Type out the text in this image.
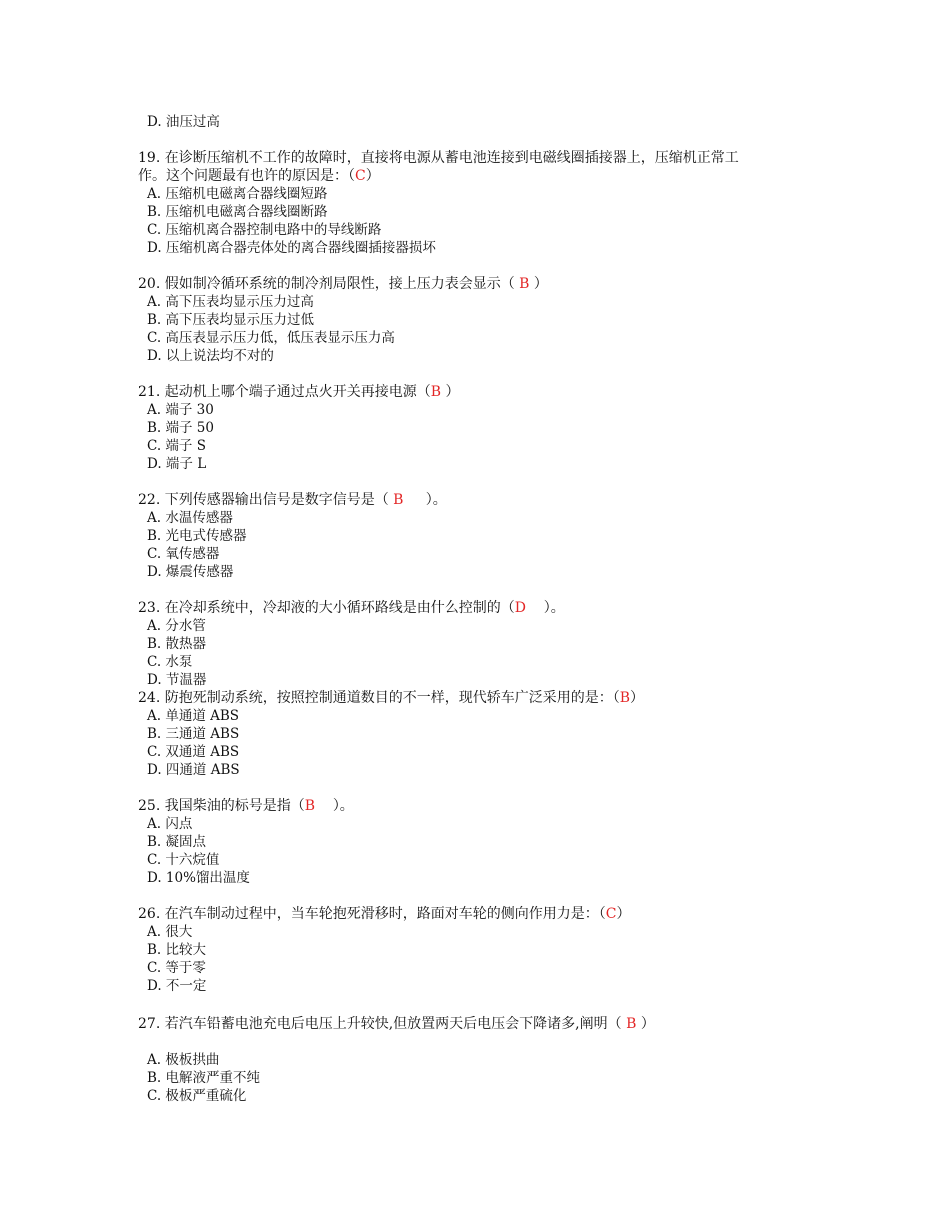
D. 油压过高
19. 在诊断压缩机不工作的故障时，直接将电源从蓄电池连接到电磁线圈插接器上，压缩机正常工
作。这个问题最有也许的原因是：（C）
A. 压缩机电磁离合器线圈短路
B. 压缩机电磁离合器线圈断路
C. 压缩机离合器控制电路中的导线断路
D. 压缩机离合器壳体处的离合器线圈插接器损坏
20. 假如制冷循环系统的制冷剂局限性，接上压力表会显示（ B ）
A. 高下压表均显示压力过高
B. 高下压表均显示压力过低
C. 高压表显示压力低，低压表显示压力高
D. 以上说法均不对的
21. 起动机上哪个端子通过点火开关再接电源（B ）
A. 端子 30
B. 端子 50
C. 端子 S
D. 端子 L
22. 下列传感器输出信号是数字信号是（ B     ）。
A. 水温传感器
B. 光电式传感器
C. 氧传感器
D. 爆震传感器
23. 在冷却系统中，冷却液的大小循环路线是由什么控制的（D    ）。
A. 分水管
B. 散热器
C. 水泵
D. 节温器
24. 防抱死制动系统，按照控制通道数目的不一样，现代轿车广泛采用的是：（B）
A. 单通道 ABS
B. 三通道 ABS
C. 双通道 ABS
D. 四通道 ABS
25. 我国柴油的标号是指（B    ）。
A. 闪点
B. 凝固点
C. 十六烷值
D. 10%馏出温度
26. 在汽车制动过程中，当车轮抱死滑移时，路面对车轮的侧向作用力是：（C）
A. 很大
B. 比较大
C. 等于零
D. 不一定
27. 若汽车铅蓄电池充电后电压上升较快,但放置两天后电压会下降诸多,阐明（ B ）
A. 极板拱曲
B. 电解液严重不纯
C. 极板严重硫化
